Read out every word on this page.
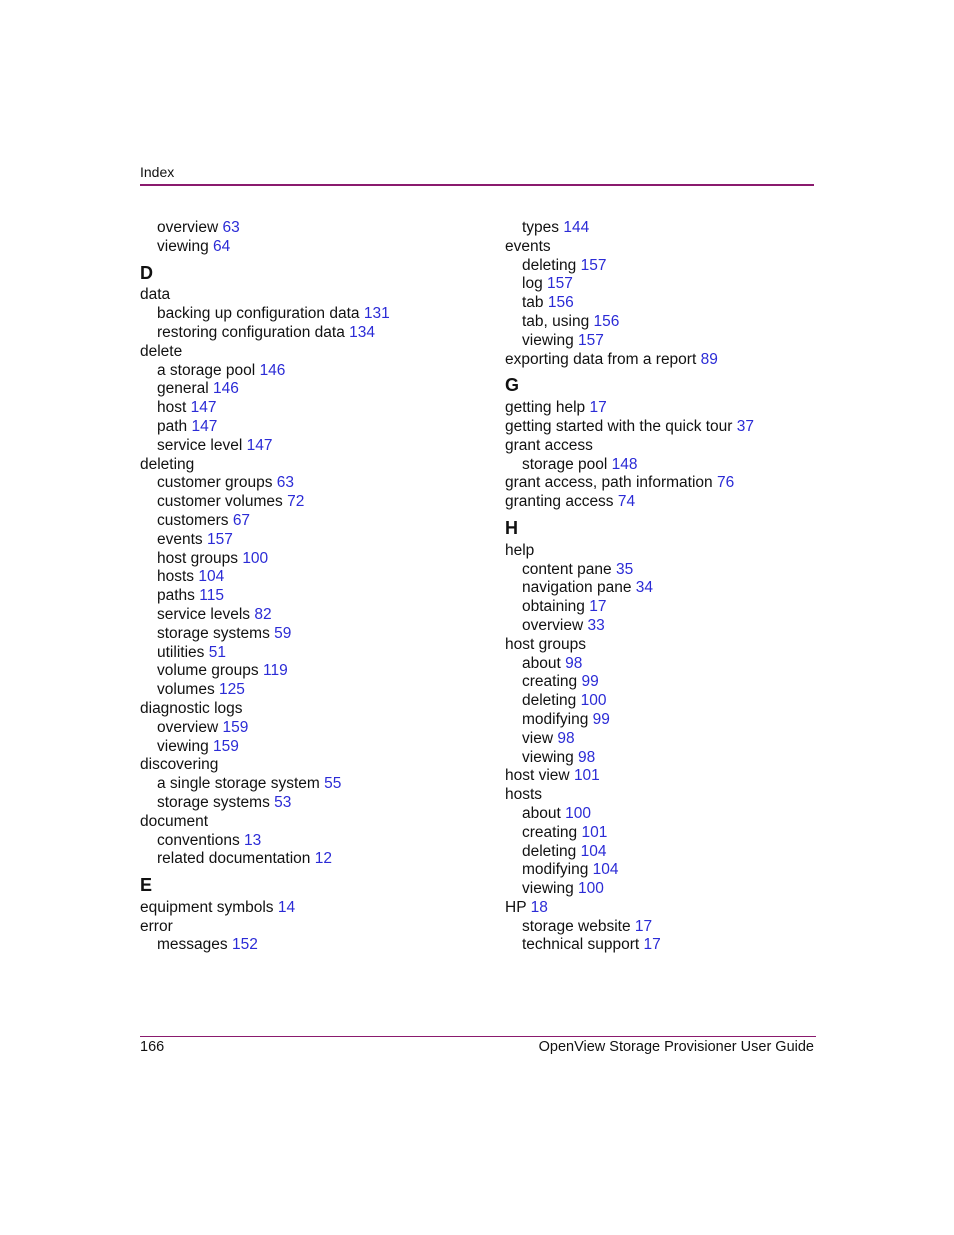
Index
overview 63
viewing 64
D
data
backing up configuration data 131
restoring configuration data 134
delete
a storage pool 146
general 146
host 147
path 147
service level 147
deleting
customer groups 63
customer volumes 72
customers 67
events 157
host groups 100
hosts 104
paths 115
service levels 82
storage systems 59
utilities 51
volume groups 119
volumes 125
diagnostic logs
overview 159
viewing 159
discovering
a single storage system 55
storage systems 53
document
conventions 13
related documentation 12
E
equipment symbols 14
error
messages 152
types 144
events
deleting 157
log 157
tab 156
tab, using 156
viewing 157
exporting data from a report 89
G
getting help 17
getting started with the quick tour 37
grant access
storage pool 148
grant access, path information 76
granting access 74
H
help
content pane 35
navigation pane 34
obtaining 17
overview 33
host groups
about 98
creating 99
deleting 100
modifying 99
view 98
viewing 98
host view 101
hosts
about 100
creating 101
deleting 104
modifying 104
viewing 100
HP 18
storage website 17
technical support 17
166	OpenView Storage Provisioner User Guide
